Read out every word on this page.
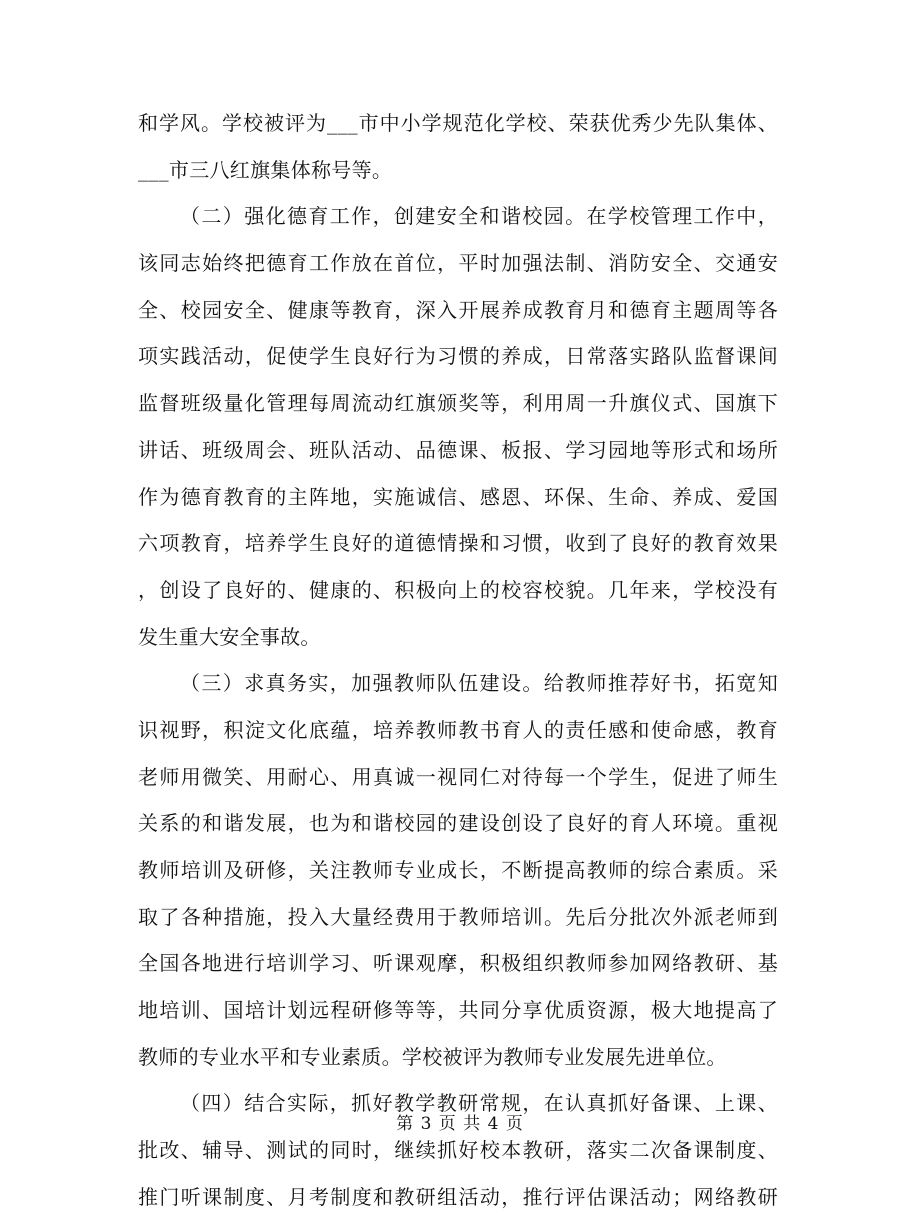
和学风。学校被评为___市中小学规范化学校、荣获优秀少先队集体、
___市三八红旗集体称号等。
（二）强化德育工作，创建安全和谐校园。在学校管理工作中，
该同志始终把德育工作放在首位，平时加强法制、消防安全、交通安
全、校园安全、健康等教育，深入开展养成教育月和德育主题周等各
项实践活动，促使学生良好行为习惯的养成，日常落实路队监督课间
监督班级量化管理每周流动红旗颁奖等，利用周一升旗仪式、国旗下
讲话、班级周会、班队活动、品德课、板报、学习园地等形式和场所
作为德育教育的主阵地，实施诚信、感恩、环保、生命、养成、爱国
六项教育，培养学生良好的道德情操和习惯，收到了良好的教育效果
，创设了良好的、健康的、积极向上的校容校貌。几年来，学校没有
发生重大安全事故。
（三）求真务实，加强教师队伍建设。给教师推荐好书，拓宽知
识视野，积淀文化底蕴，培养教师教书育人的责任感和使命感，教育
老师用微笑、用耐心、用真诚一视同仁对待每一个学生，促进了师生
关系的和谐发展，也为和谐校园的建设创设了良好的育人环境。重视
教师培训及研修，关注教师专业成长，不断提高教师的综合素质。采
取了各种措施，投入大量经费用于教师培训。先后分批次外派老师到
全国各地进行培训学习、听课观摩，积极组织教师参加网络教研、基
地培训、国培计划远程研修等等，共同分享优质资源，极大地提高了
教师的专业水平和专业素质。学校被评为教师专业发展先进单位。
（四）结合实际，抓好教学教研常规，在认真抓好备课、上课、
批改、辅导、测试的同时，继续抓好校本教研，落实二次备课制度、
推门听课制度、月考制度和教研组活动，推行评估课活动；网络教研
第 3 页 共 4 页
